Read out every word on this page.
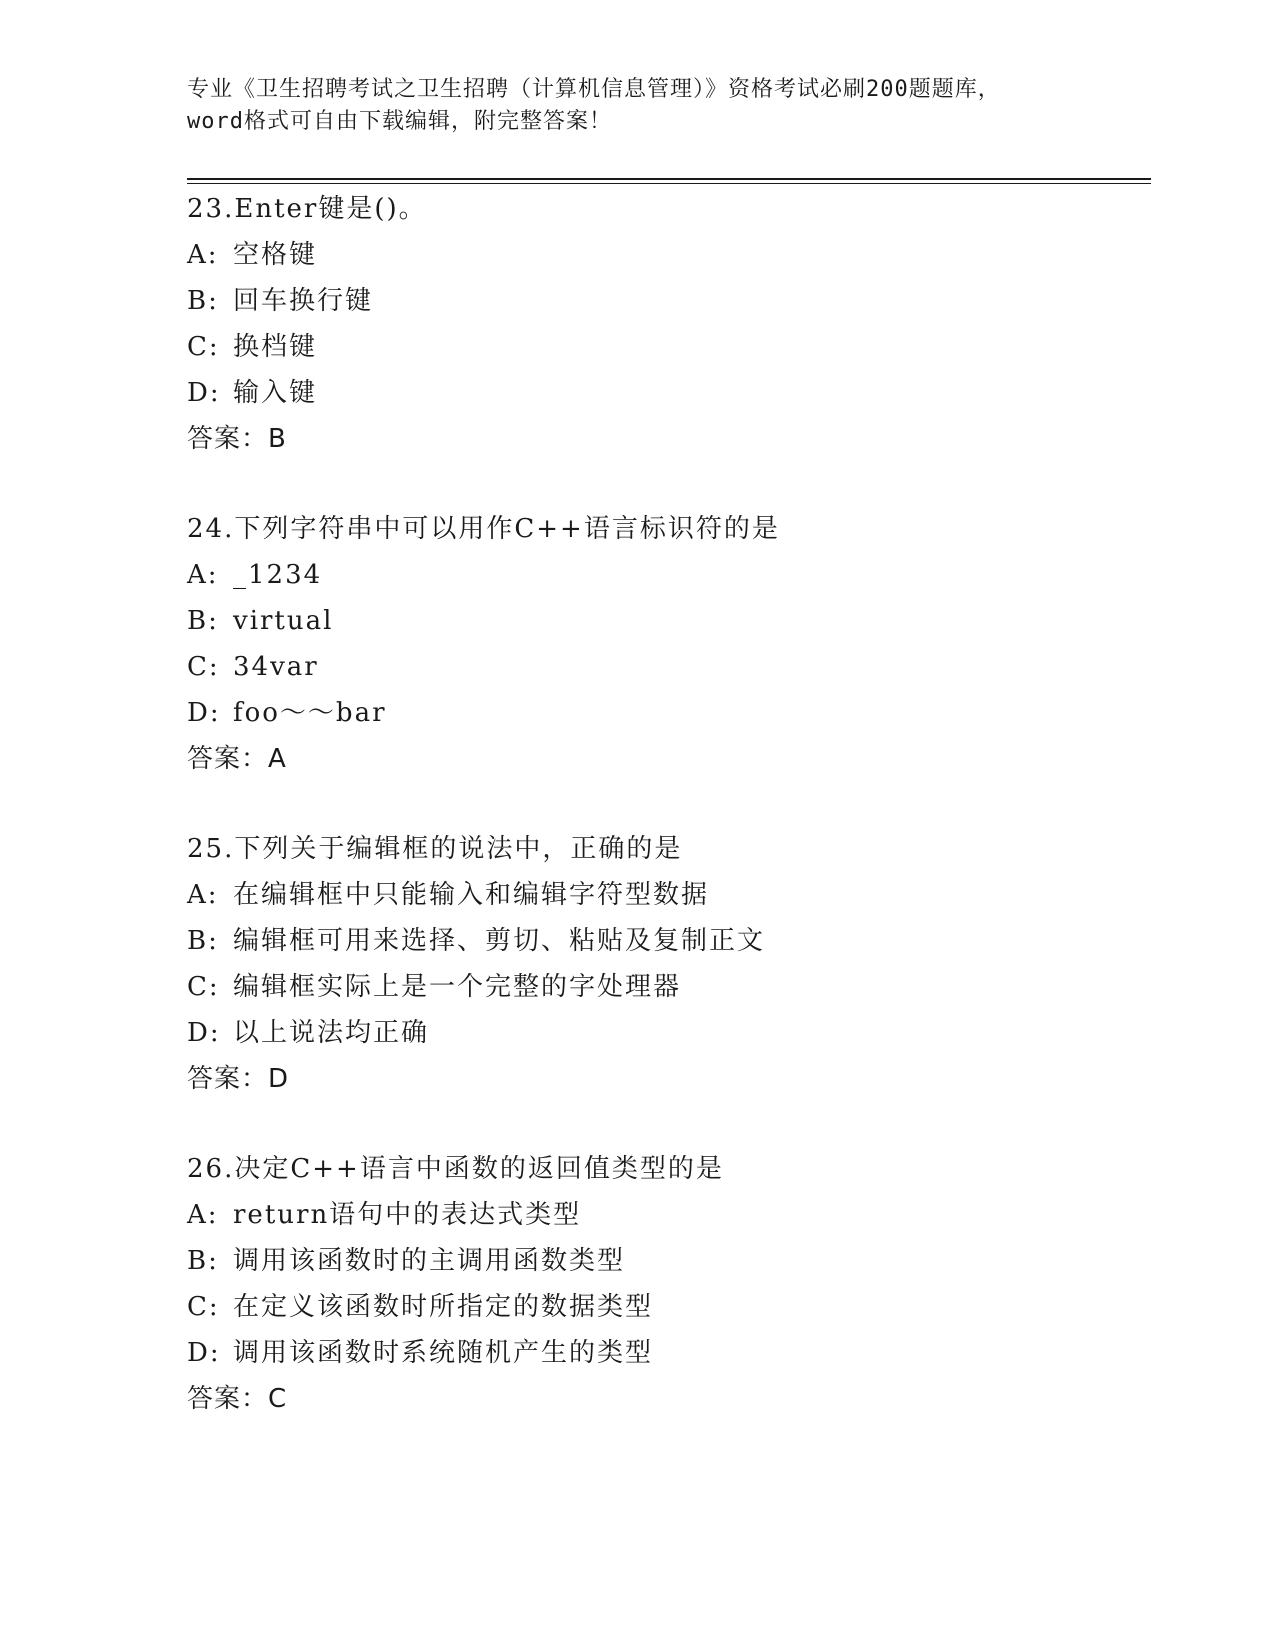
专业《卫生招聘考试之卫生招聘（计算机信息管理）》资格考试必刷200题题库，
word格式可自由下载编辑，附完整答案！
23.Enter键是()。
A: 空格键
B: 回车换行键
C: 换档键
D: 输入键
答案：B
24.下列字符串中可以用作C++语言标识符的是
A: _1234
B: virtual
C: 34var
D: foo～～bar
答案：A
25.下列关于编辑框的说法中，正确的是
A: 在编辑框中只能输入和编辑字符型数据
B: 编辑框可用来选择、剪切、粘贴及复制正文
C: 编辑框实际上是一个完整的字处理器
D: 以上说法均正确
答案：D
26.决定C++语言中函数的返回值类型的是
A: return语句中的表达式类型
B: 调用该函数时的主调用函数类型
C: 在定义该函数时所指定的数据类型
D: 调用该函数时系统随机产生的类型
答案：C
